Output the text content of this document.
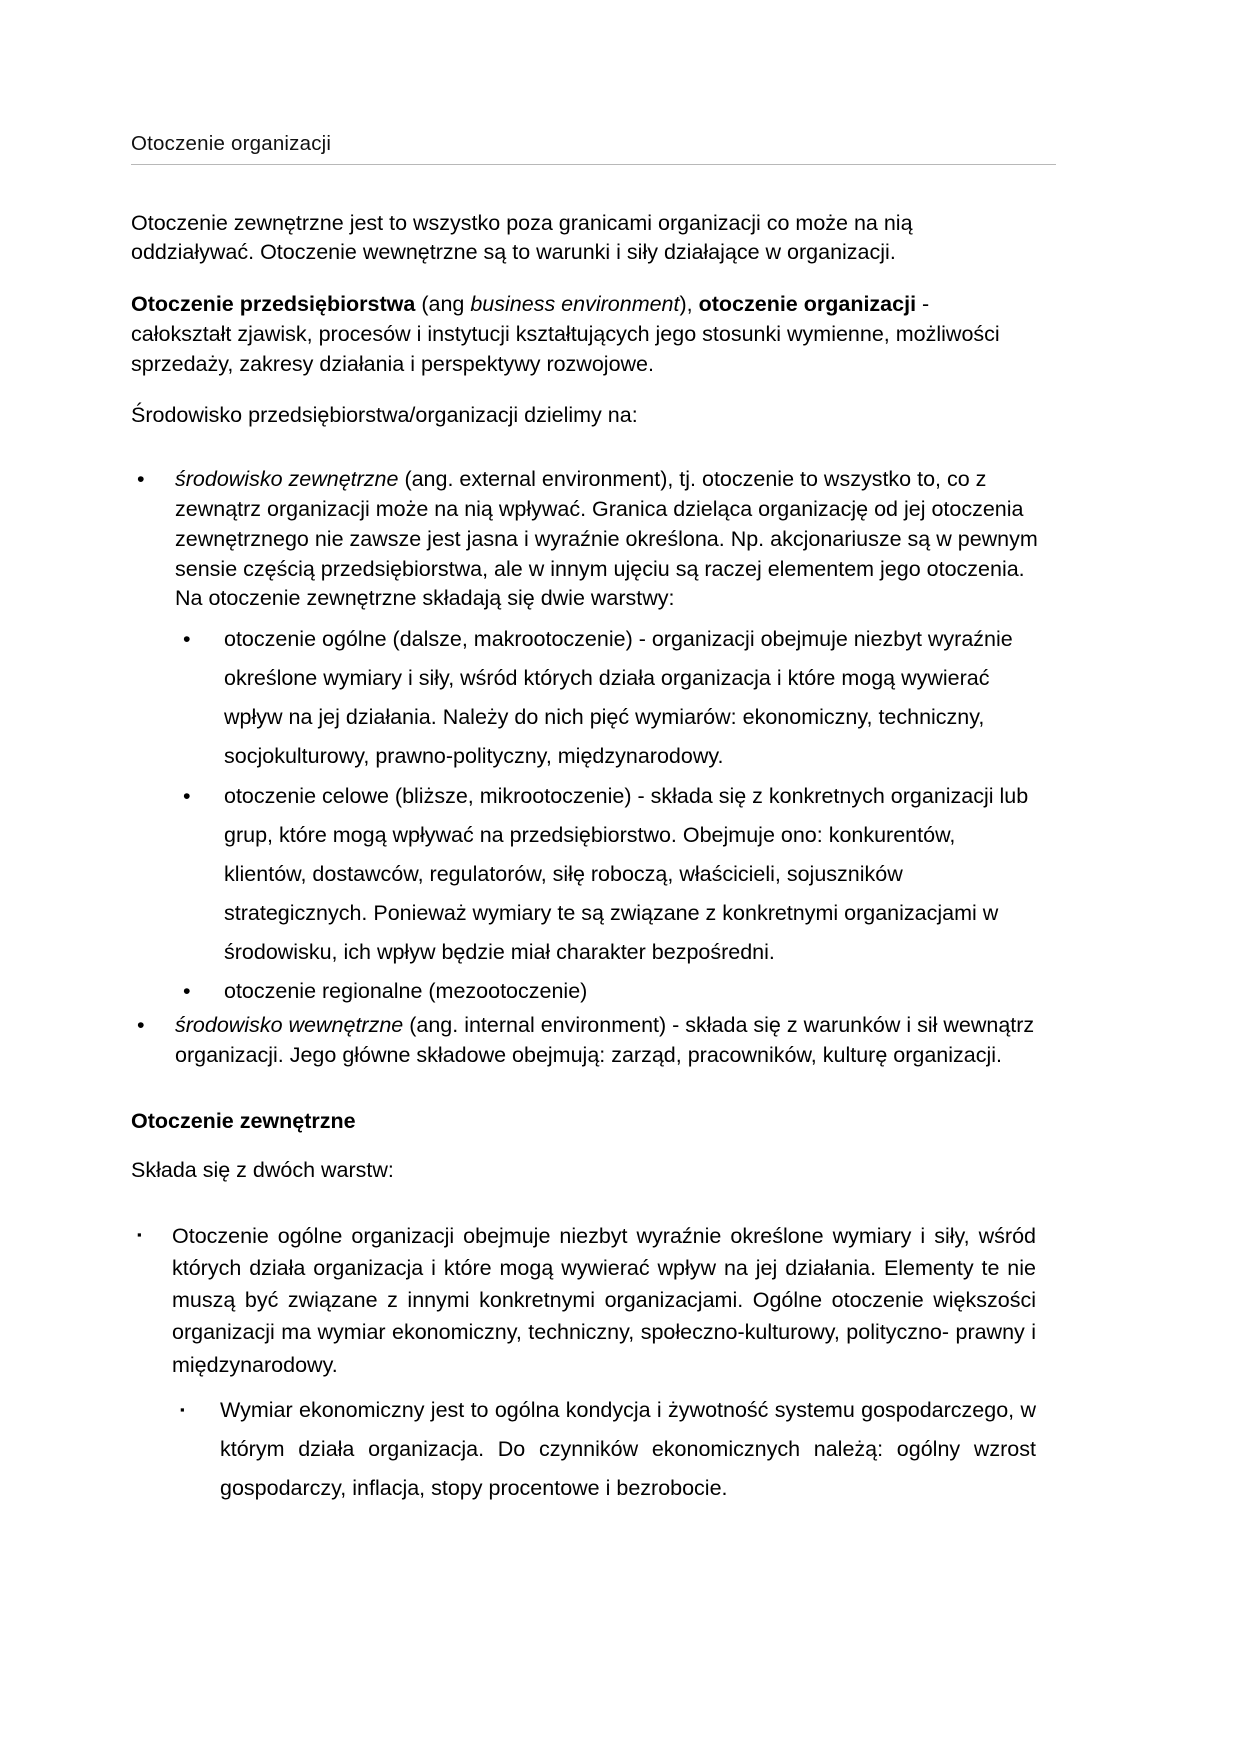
Otoczenie organizacji

Otoczenie zewnętrzne jest to wszystko poza granicami organizacji co może na nią oddziaływać. Otoczenie wewnętrzne są to warunki i siły działające w organizacji.

Otoczenie przedsiębiorstwa (ang business environment), otoczenie organizacji - całokształt zjawisk, procesów i instytucji kształtujących jego stosunki wymienne, możliwości sprzedaży, zakresy działania i perspektywy rozwojowe.

Środowisko przedsiębiorstwa/organizacji dzielimy na:

• środowisko zewnętrzne (ang. external environment), tj. otoczenie to wszystko to, co z zewnątrz organizacji może na nią wpływać. Granica dzieląca organizację od jej otoczenia zewnętrznego nie zawsze jest jasna i wyraźnie określona. Np. akcjonariusze są w pewnym sensie częścią przedsiębiorstwa, ale w innym ujęciu są raczej elementem jego otoczenia. Na otoczenie zewnętrzne składają się dwie warstwy:
• otoczenie ogólne (dalsze, makrootoczenie) - organizacji obejmuje niezbyt wyraźnie określone wymiary i siły, wśród których działa organizacja i które mogą wywierać wpływ na jej działania. Należy do nich pięć wymiarów: ekonomiczny, techniczny, socjokulturowy, prawno-polityczny, międzynarodowy.
• otoczenie celowe (bliższe, mikrootoczenie) - składa się z konkretnych organizacji lub grup, które mogą wpływać na przedsiębiorstwo. Obejmuje ono: konkurentów, klientów, dostawców, regulatorów, siłę roboczą, właścicieli, sojuszników strategicznych. Ponieważ wymiary te są związane z konkretnymi organizacjami w środowisku, ich wpływ będzie miał charakter bezpośredni.
• otoczenie regionalne (mezootoczenie)
• środowisko wewnętrzne (ang. internal environment) - składa się z warunków i sił wewnątrz organizacji. Jego główne składowe obejmują: zarząd, pracowników, kulturę organizacji.
Otoczenie zewnętrzne

Składa się z dwóch warstw:

▪ Otoczenie ogólne organizacji obejmuje niezbyt wyraźnie określone wymiary i siły, wśród których działa organizacja i które mogą wywierać wpływ na jej działania. Elementy te nie muszą być związane z innymi konkretnymi organizacjami. Ogólne otoczenie większości organizacji ma wymiar ekonomiczny, techniczny, społeczno-kulturowy, polityczno- prawny i międzynarodowy.
▪ Wymiar ekonomiczny jest to ogólna kondycja i żywotność systemu gospodarczego, w którym działa organizacja. Do czynników ekonomicznych należą: ogólny wzrost gospodarczy, inflacja, stopy procentowe i bezrobocie.
